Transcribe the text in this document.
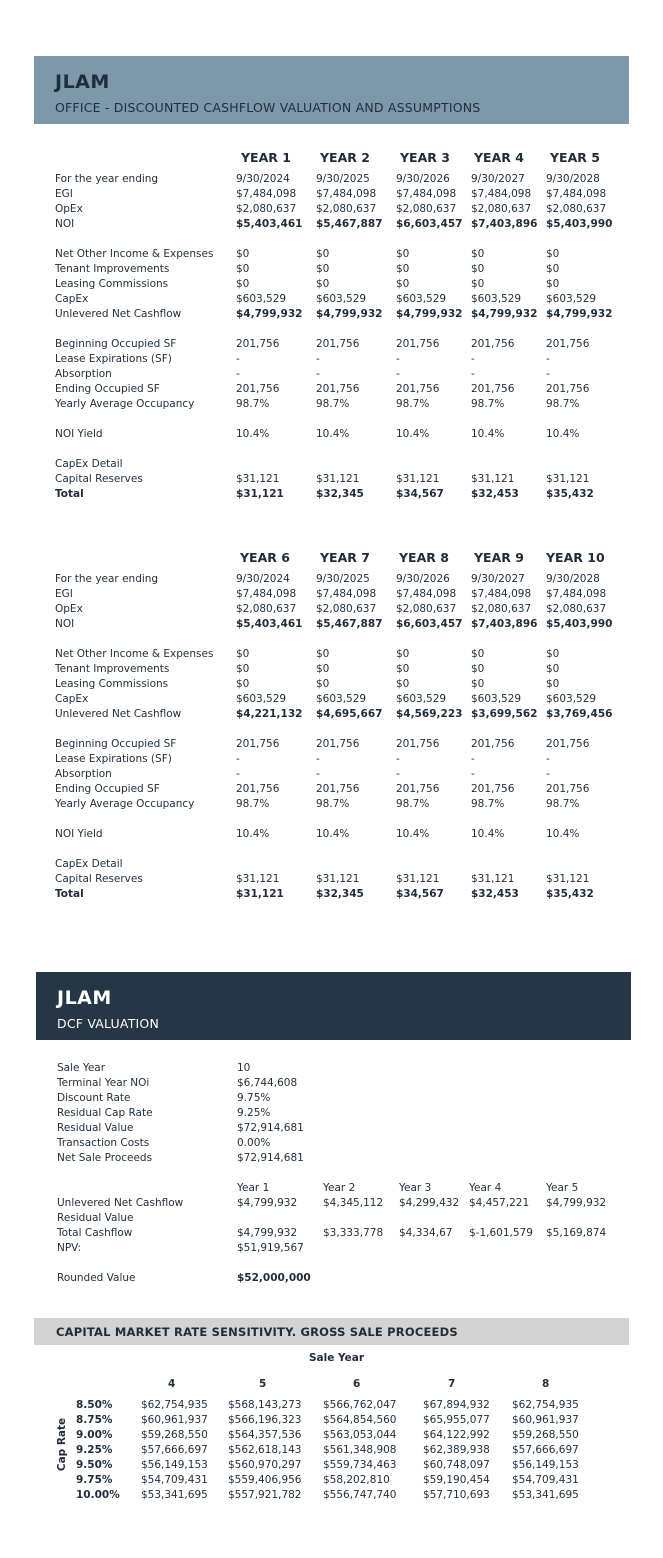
JLAM
OFFICE - DISCOUNTED CASHFLOW VALUATION AND ASSUMPTIONS
YEAR 1 YEAR 2 YEAR 3 YEAR 4 YEAR 5
For the year ending	9/30/2024 9/30/2025 9/30/2026 9/30/2027 9/30/2028
EGI	$7,484,098 $7,484,098 $7,484,098 $7,484,098 $7,484,098
OpEx	$2,080,637 $2,080,637 $2,080,637 $2,080,637 $2,080,637
NOI	$5,403,461 $5,467,887 $6,603,457 $7,403,896 $5,403,990
Net Other Income & Expenses $0	$0	$0	$0	$0
Tenant Improvements	$0	$0	$0	$0	$0
Leasing Commissions	$0	$0	$0	$0	$0
CapEx	$603,529	$603,529	$603,529 $603,529 $603,529
Unlevered Net Cashflow	$4,799,932 $4,799,932 $4,799,932 $4,799,932 $4,799,932
Beginning Occupied SF	201,756	201,756	201,756	201,756	201,756
Lease Expirations (SF)	-	-	-	-	-
Absorption	-	-	-	-	-
Ending Occupied SF	201,756	201,756	201,756	201,756	201,756
Yearly Average Occupancy	98.7%	98.7%	98.7%	98.7%	98.7%
NOI Yield	10.4%	10.4%	10.4%	10.4%	10.4%
CapEx Detail
Capital Reserves	$31,121	$31,121	$31,121	$31,121	$31,121
Total	$31,121	$32,345	$34,567	$32,453	$35,432
YEAR 6 YEAR 7 YEAR 8 YEAR 9 YEAR 10
For the year ending	9/30/2024 9/30/2025 9/30/2026 9/30/2027 9/30/2028
EGI	$7,484,098 $7,484,098 $7,484,098 $7,484,098 $7,484,098
OpEx	$2,080,637 $2,080,637 $2,080,637 $2,080,637 $2,080,637
NOI	$5,403,461 $5,467,887 $6,603,457 $7,403,896 $5,403,990
Net Other Income & Expenses $0	$0	$0	$0	$0
Tenant Improvements	$0	$0	$0	$0	$0
Leasing Commissions	$0	$0	$0	$0	$0
CapEx	$603,529	$603,529	$603,529 $603,529 $603,529
Unlevered Net Cashflow	$4,221,132 $4,695,667 $4,569,223 $3,699,562 $3,769,456
Beginning Occupied SF	201,756	201,756	201,756	201,756	201,756
Lease Expirations (SF)	-	-	-	-	-
Absorption	-	-	-	-	-
Ending Occupied SF	201,756	201,756	201,756	201,756	201,756
Yearly Average Occupancy	98.7%	98.7%	98.7%	98.7%	98.7%
NOI Yield	10.4%	10.4%	10.4%	10.4%	10.4%
CapEx Detail
Capital Reserves	$31,121	$31,121	$31,121	$31,121	$31,121
Total	$31,121	$32,345	$34,567	$32,453	$35,432
JLAM
DCF VALUATION
Sale Year	10
Terminal Year NOi	$6,744,608
Discount Rate	9.75%
Residual Cap Rate	9.25%
Residual Value	$72,914,681
Transaction Costs	0.00%
Net Sale Proceeds	$72,914,681
Year 1	Year 2	Year 3	Year 4	Year 5
Unlevered Net Cashflow	$4,799,932 $4,345,112 $4,299,432 $4,457,221 $4,799,932
Residual Value
Total Cashflow	$4,799,932 $3,333,778 $4,334,67 $-1,601,579 $5,169,874
NPV:	$51,919,567
Rounded Value	$52,000,000
CAPITAL MARKET RATE SENSITIVITY. GROSS SALE PROCEEDS
Sale Year
4	5	6	7	8
8.50%	$62,754,935 $568,143,273 $566,762,047	$67,894,932 $62,754,935
8.75%	$60,961,937 $566,196,323 $564,854,560	$65,955,077 $60,961,937
9.00%	$59,268,550 $564,357,536 $563,053,044	$64,122,992 $59,268,550
9.25%	$57,666,697 $562,618,143 $561,348,908	$62,389,938 $57,666,697
9.50%	$56,149,153 $560,970,297 $559,734,463	$60,748,097 $56,149,153
9.75%	$54,709,431 $559,406,956 $58,202,810	$59,190,454 $54,709,431
10.00% $53,341,695 $557,921,782 $556,747,740	$57,710,693 $53,341,695
Cap Rate
